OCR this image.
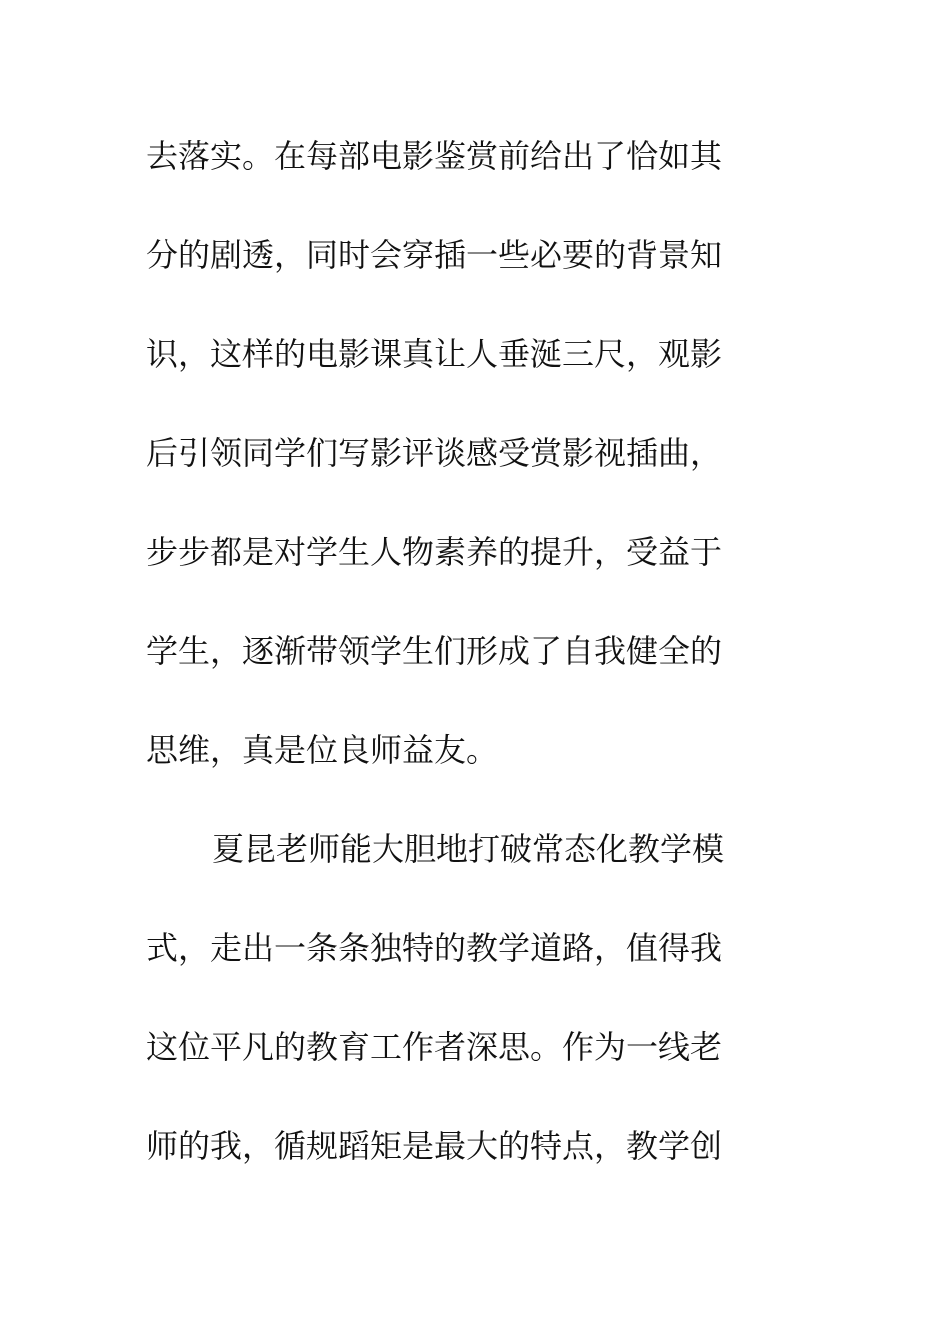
去落实。在每部电影鉴赏前给出了恰如其
分的剧透，同时会穿插一些必要的背景知
识，这样的电影课真让人垂涎三尺，观影
后引领同学们写影评谈感受赏影视插曲，
步步都是对学生人物素养的提升，受益于
学生，逐渐带领学生们形成了自我健全的
思维，真是位良师益友。
夏昆老师能大胆地打破常态化教学模
式，走出一条条独特的教学道路，值得我
这位平凡的教育工作者深思。作为一线老
师的我，循规蹈矩是最大的特点，教学创
